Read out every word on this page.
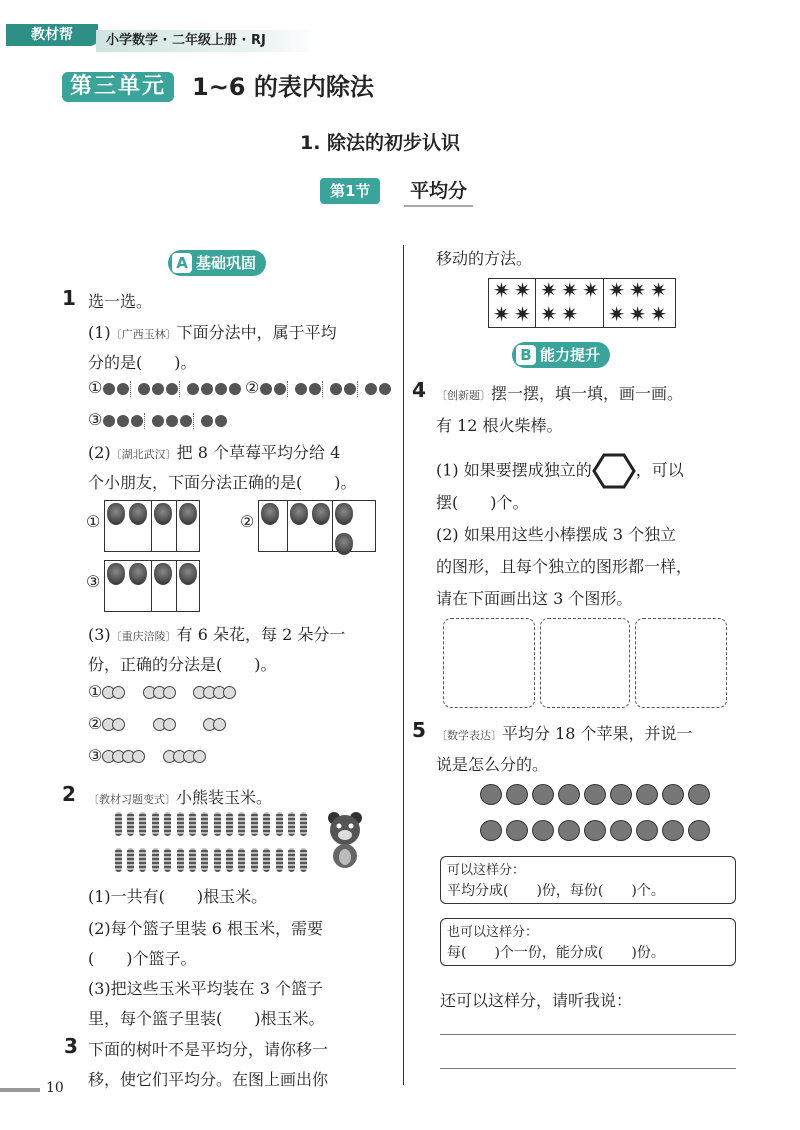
教材帮	小学数学 · 二年级上册 · RJ
第三单元	1~6 的表内除法
1. 除法的初步认识
第1节	平均分
A 基础巩固
1 选一选。
(1)〔广西玉林〕下面分法中，属于平均
分的是(　　)。
①	②
③
(2)〔湖北武汉〕把 8 个草莓平均分给 4
个小朋友，下面分法正确的是(　　)。
①	②
③
(3)〔重庆涪陵〕有 6 朵花，每 2 朵分一
份，正确的分法是(　　)。
①
②
③
2 〔教材习题变式〕小熊装玉米。
(1)一共有(　　)根玉米。
(2)每个篮子里装 6 根玉米，需要
(　　)个篮子。
(3)把这些玉米平均装在 3 个篮子
里，每个篮子里装(　　)根玉米。
3 下面的树叶不是平均分，请你移一
移，使它们平均分。在图上画出你
移动的方法。
✷ ✷
✷ ✷
✷ ✷ ✷
✷ ✷
✷ ✷ ✷
✷ ✷ ✷
B 能力提升
4 〔创新题〕摆一摆，填一填，画一画。
有 12 根火柴棒。
(1) 如果要摆成独立的	，可以
摆(　　)个。
(2) 如果用这些小棒摆成 3 个独立
的图形，且每个独立的图形都一样，
请在下面画出这 3 个图形。
5 〔数学表达〕平均分 18 个苹果，并说一
说是怎么分的。
可以这样分：
平均分成(　　)份，每份(　　)个。
也可以这样分：
每(　　)个一份，能分成(　　)份。
还可以这样分，请听我说：
10
